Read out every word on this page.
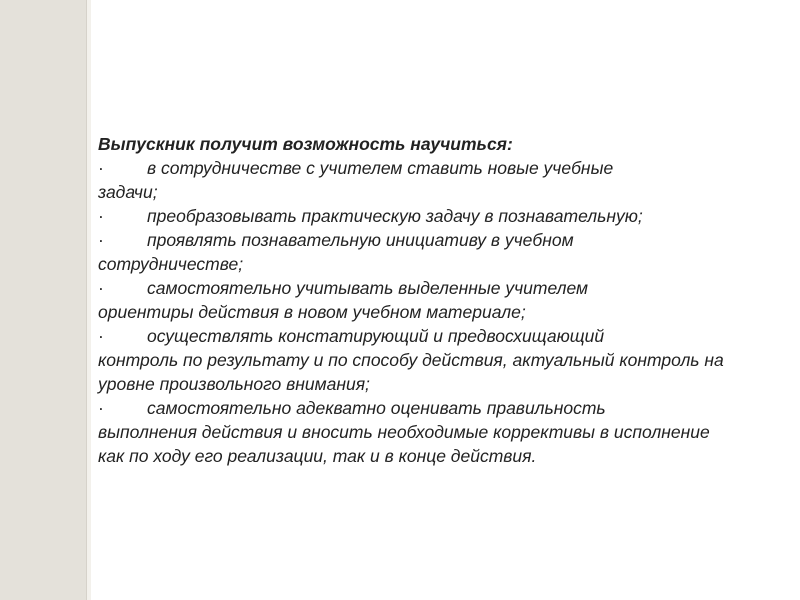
Выпускник получит возможность научиться:

· в сотрудничестве с учителем ставить новые учебные
задачи;

· преобразовывать практическую задачу в познавательную;

· проявлять познавательную инициативу в учебном
сотрудничестве;

· самостоятельно учитывать выделенные учителем
ориентиры действия в новом учебном материале;

· осуществлять констатирующий и предвосхищающий
контроль по результату и по способу действия, актуальный контроль на уровне произвольного внимания;

· самостоятельно адекватно оценивать правильность
выполнения действия и вносить необходимые коррективы в исполнение как по ходу его реализации, так и в конце действия.
